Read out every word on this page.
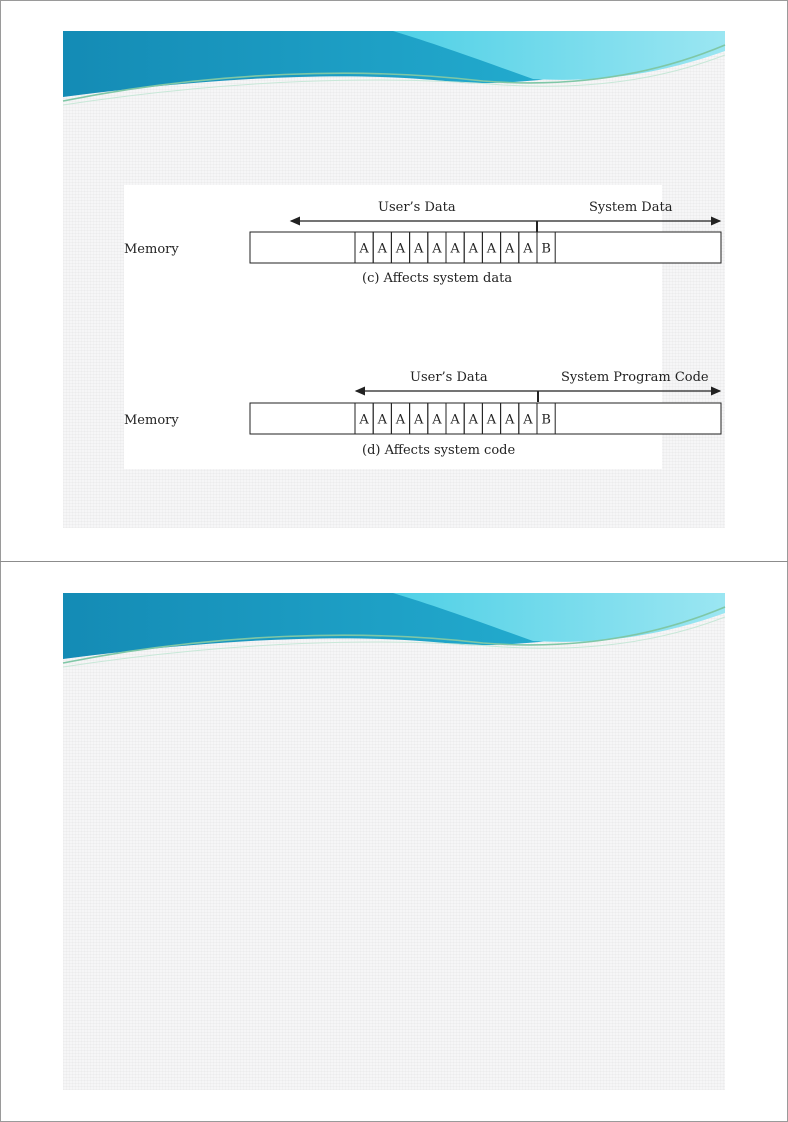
User’s Data	System Data
Memory	A A A A A A A A A A B
(c) Affects system data
User’s Data	System Program Code
Memory	A A A A A A A A A A B
(d) Affects system code
